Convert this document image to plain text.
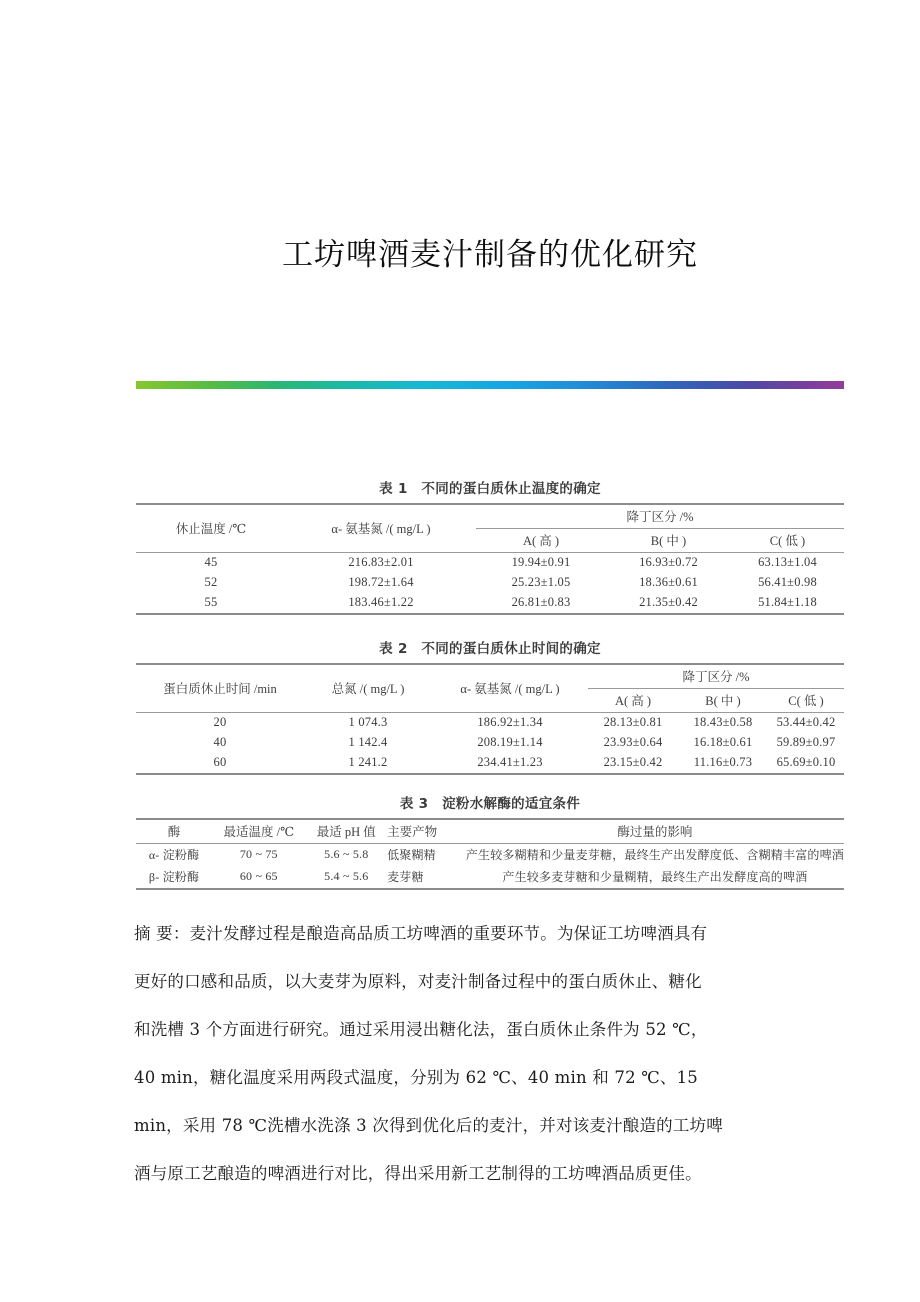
工坊啤酒麦汁制备的优化研究
表 1　不同的蛋白质休止温度的确定
休止温度 /℃	α- 氨基氮 /( mg/L )	降丁区分 /%		
		A( 高 )	B( 中 )	C( 低 )
45	216.83±2.01	19.94±0.91	16.93±0.72	63.13±1.04
52	198.72±1.64	25.23±1.05	18.36±0.61	56.41±0.98
55	183.46±1.22	26.81±0.83	21.35±0.42	51.84±1.18
表 2　不同的蛋白质休止时间的确定
蛋白质休止时间 /min	总氮 /( mg/L )	α- 氨基氮 /( mg/L )	降丁区分 /%		
			A( 高 )	B( 中 )	C( 低 )
20	1 074.3	186.92±1.34	28.13±0.81	18.43±0.58	53.44±0.42
40	1 142.4	208.19±1.14	23.93±0.64	16.18±0.61	59.89±0.97
60	1 241.2	234.41±1.23	23.15±0.42	11.16±0.73	65.69±0.10
表 3　淀粉水解酶的适宜条件
酶	最适温度 /℃	最适 pH 值	主要产物	酶过量的影响
α- 淀粉酶	70 ~ 75	5.6 ~ 5.8	低聚糊精	产生较多糊精和少量麦芽糖，最终生产出发酵度低、含糊精丰富的啤酒
β- 淀粉酶	60 ~ 65	5.4 ~ 5.6	麦芽糖	产生较多麦芽糖和少量糊精，最终生产出发酵度高的啤酒
摘 要：麦汁发酵过程是酿造高品质工坊啤酒的重要环节。为保证工坊啤酒具有
更好的口感和品质，以大麦芽为原料，对麦汁制备过程中的蛋白质休止、糖化
和洗槽 3 个方面进行研究。通过采用浸出糖化法，蛋白质休止条件为 52 ℃，
40 min，糖化温度采用两段式温度，分别为 62 ℃、40 min 和 72 ℃、15
min，采用 78 ℃洗槽水洗涤 3 次得到优化后的麦汁，并对该麦汁酿造的工坊啤
酒与原工艺酿造的啤酒进行对比，得出采用新工艺制得的工坊啤酒品质更佳。
